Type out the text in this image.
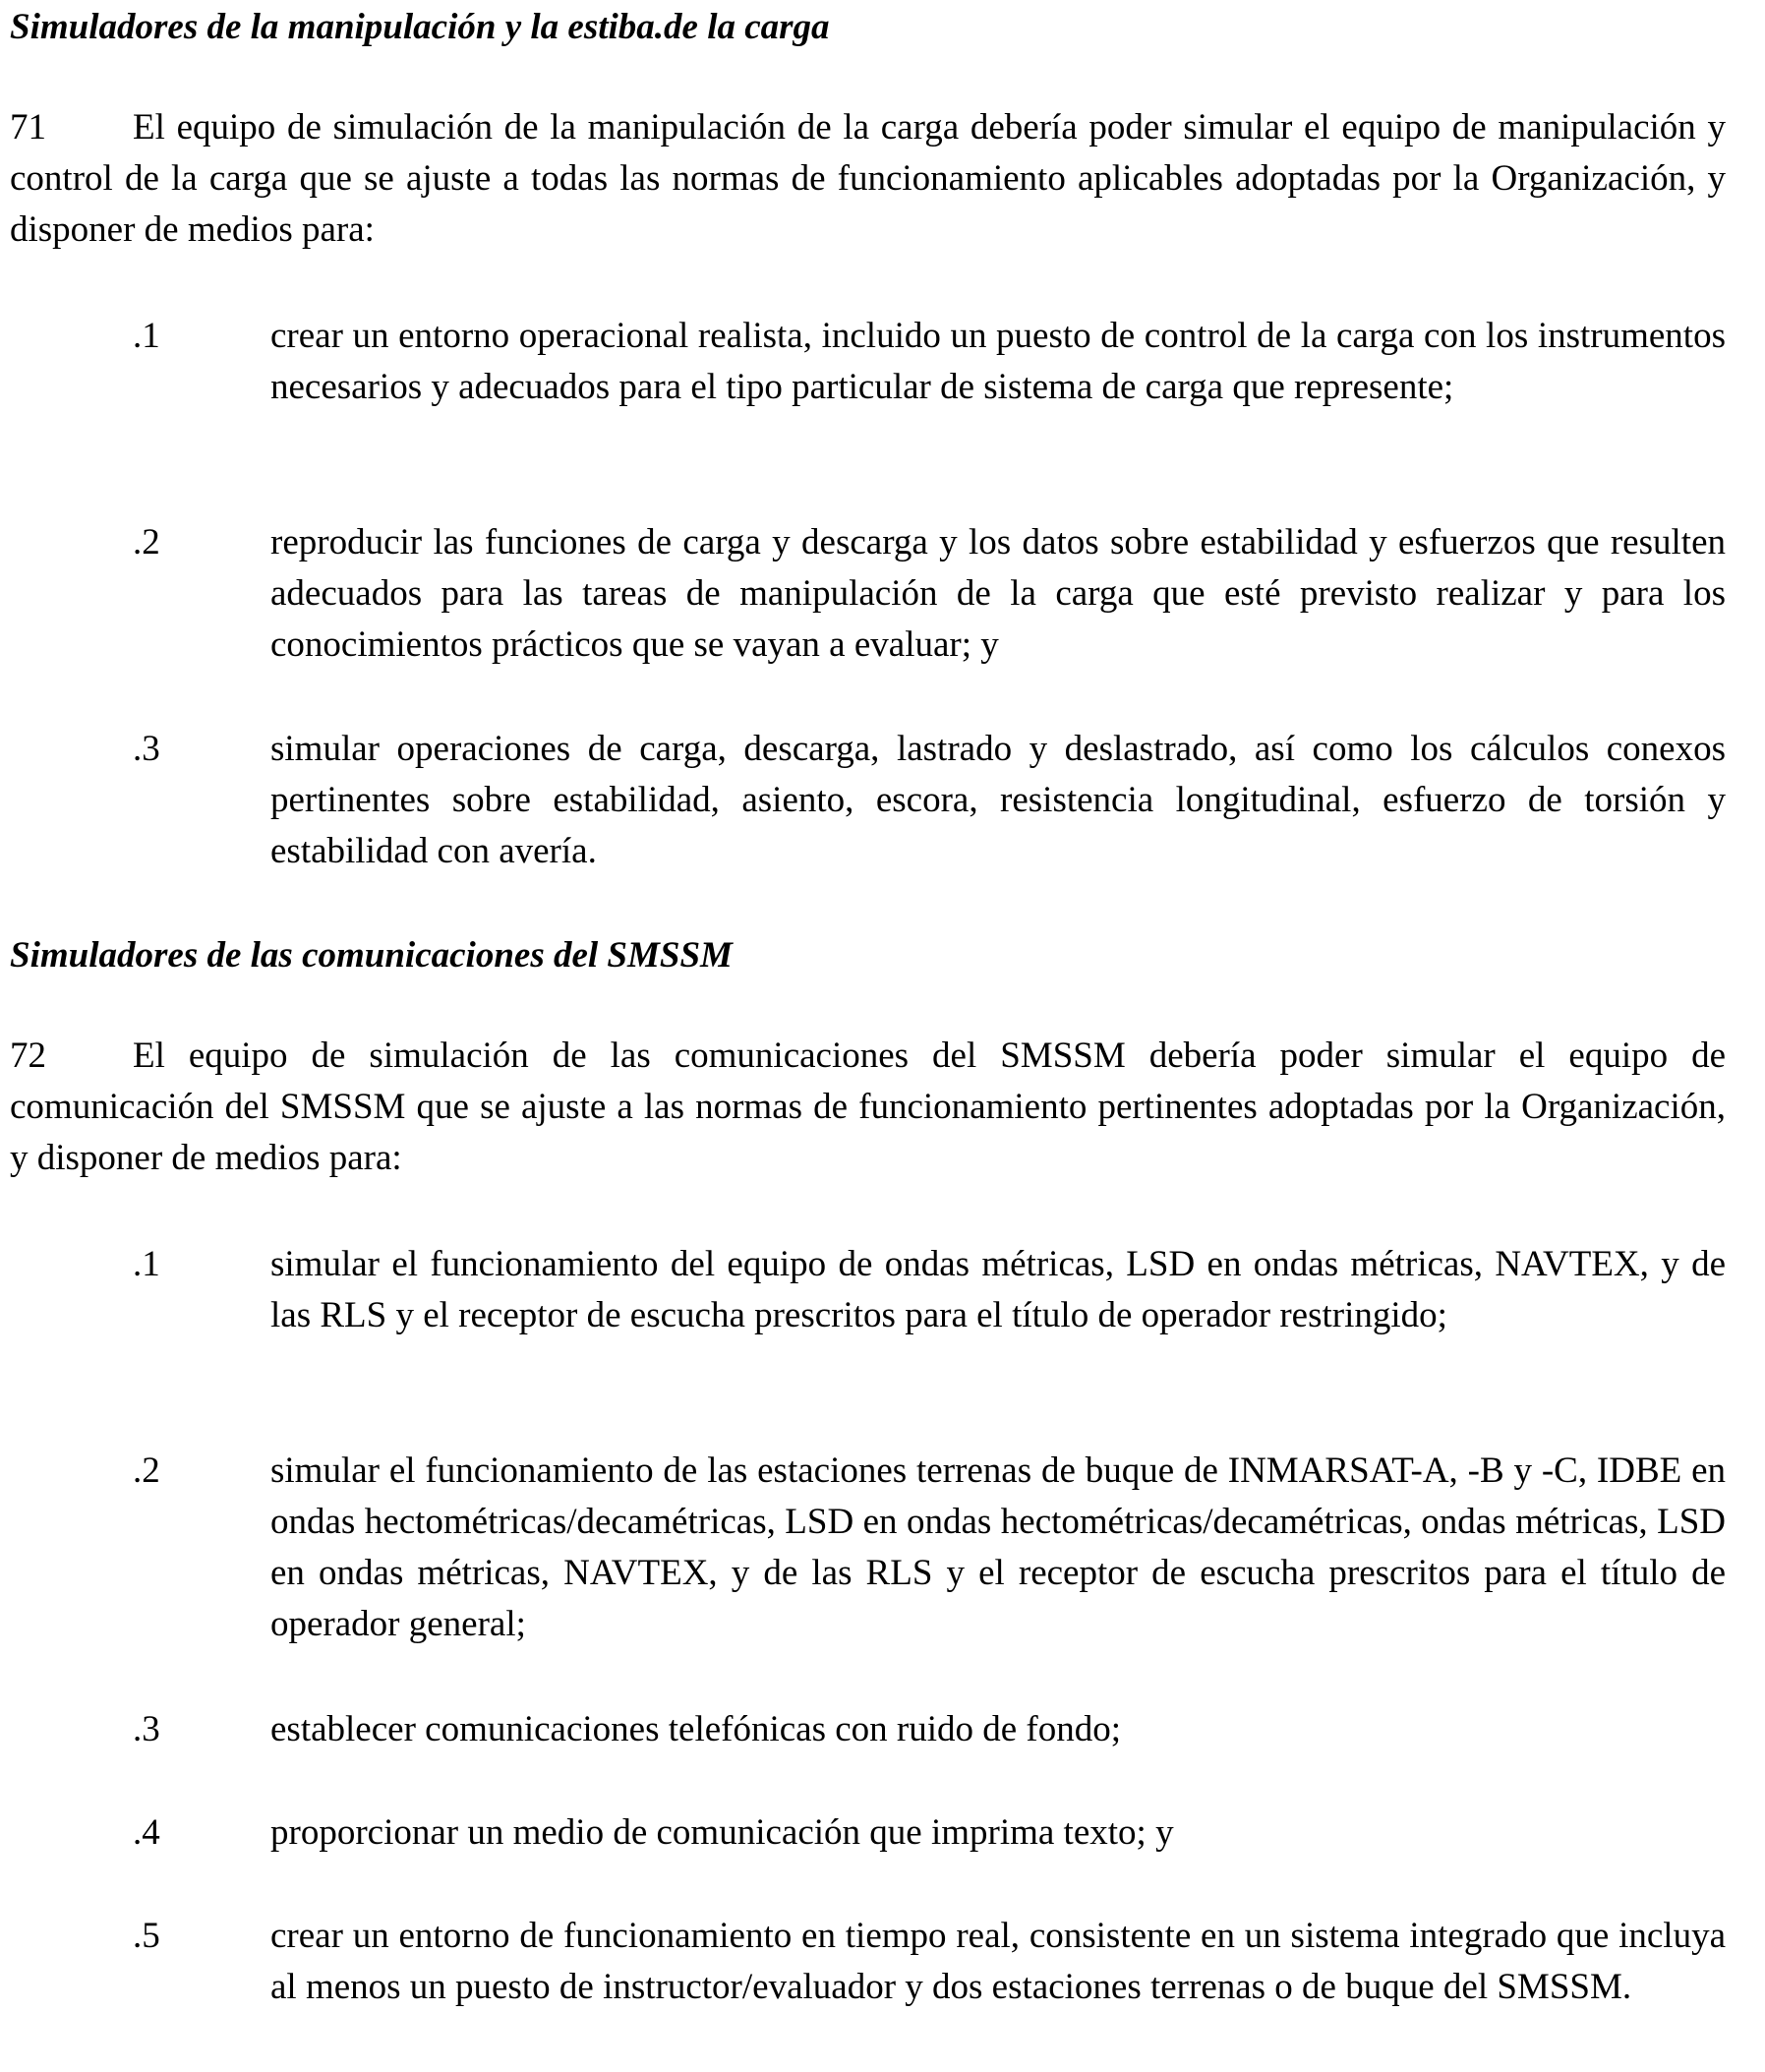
Simuladores de la manipulación y la estiba.de la carga
71 El equipo de simulación de la manipulación de la carga debería poder simular el equipo de manipulación y control de la carga que se ajuste a todas las normas de funcionamiento aplicables adoptadas por la Organización, y disponer de medios para:
.1	crear un entorno operacional realista, incluido un puesto de control de la carga con los instrumentos necesarios y adecuados para el tipo particular de sistema de carga que represente;
.2	reproducir las funciones de carga y descarga y los datos sobre estabilidad y esfuerzos que resulten adecuados para las tareas de manipulación de la carga que esté previsto realizar y para los conocimientos prácticos que se vayan a evaluar; y
.3	simular operaciones de carga, descarga, lastrado y deslastrado, así como los cálculos conexos pertinentes sobre estabilidad, asiento, escora, resistencia longitudinal, esfuerzo de torsión y estabilidad con avería.
Simuladores de las comunicaciones del SMSSM
72 El equipo de simulación de las comunicaciones del SMSSM debería poder simular el equipo de comunicación del SMSSM que se ajuste a las normas de funcionamiento pertinentes adoptadas por la Organización, y disponer de medios para:
.1	simular el funcionamiento del equipo de ondas métricas, LSD en ondas métricas, NAVTEX, y de las RLS y el receptor de escucha prescritos para el título de operador restringido;
.2	simular el funcionamiento de las estaciones terrenas de buque de INMARSAT-A, -B y -C, IDBE en ondas hectométricas/decamétricas, LSD en ondas hectométricas/decamétricas, ondas métricas, LSD en ondas métricas, NAVTEX, y de las RLS y el receptor de escucha prescritos para el título de operador general;
.3	establecer comunicaciones telefónicas con ruido de fondo;
.4	proporcionar un medio de comunicación que imprima texto; y
.5	crear un entorno de funcionamiento en tiempo real, consistente en un sistema integrado que incluya al menos un puesto de instructor/evaluador y dos estaciones terrenas o de buque del SMSSM.
